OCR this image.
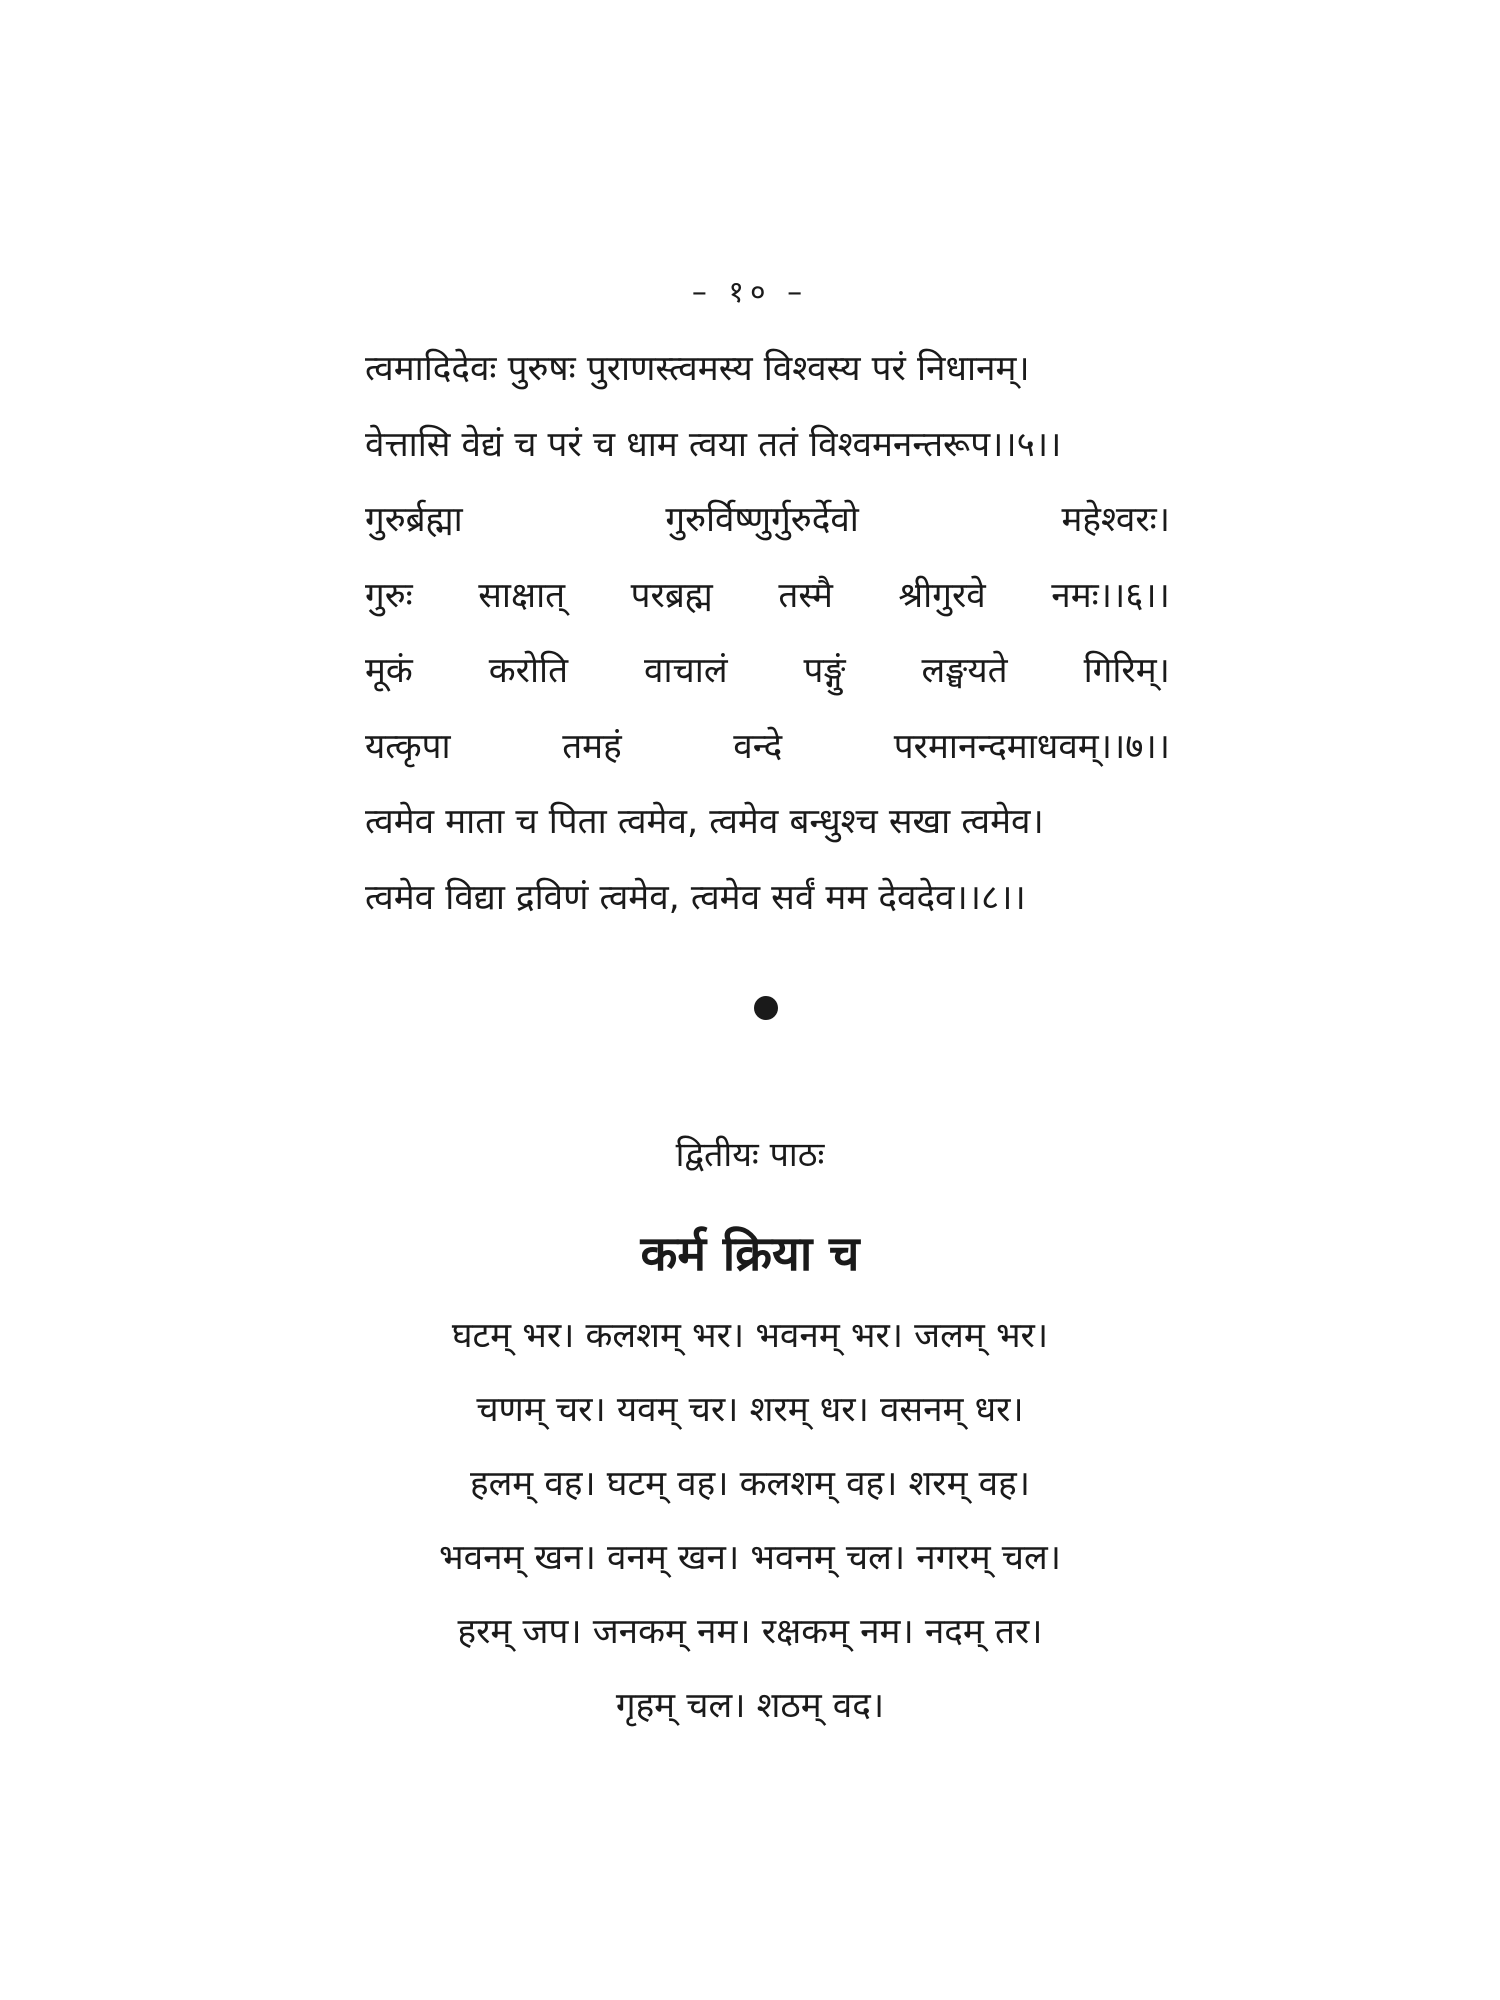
– १० –
त्वमादिदेवः पुरुषः पुराणस्त्वमस्य विश्वस्य परं निधानम्।
वेत्तासि वेद्यं च परं च धाम त्वया ततं विश्वमनन्तरूप।।५।।
गुरुर्ब्रह्मा	गुरुर्विष्णुर्गुरुर्देवो	महेश्वरः।
गुरुः साक्षात् परब्रह्म तस्मै श्रीगुरवे नमः।।६।।
मूकं करोति वाचालं पङ्गुं लङ्घयते गिरिम्।
यत्कृपा	तमहं	वन्दे	परमानन्दमाधवम्।।७।।
त्वमेव माता च पिता त्वमेव, त्वमेव बन्धुश्च सखा त्वमेव।
त्वमेव विद्या द्रविणं त्वमेव, त्वमेव सर्वं मम देवदेव।।८।।
द्वितीयः पाठः
कर्म क्रिया च
घटम् भर। कलशम् भर। भवनम् भर। जलम् भर।
चणम् चर। यवम् चर। शरम् धर। वसनम् धर।
हलम् वह। घटम् वह। कलशम् वह। शरम् वह।
भवनम् खन। वनम् खन। भवनम् चल। नगरम् चल।
हरम् जप। जनकम् नम। रक्षकम् नम। नदम् तर।
गृहम् चल। शठम् वद।
